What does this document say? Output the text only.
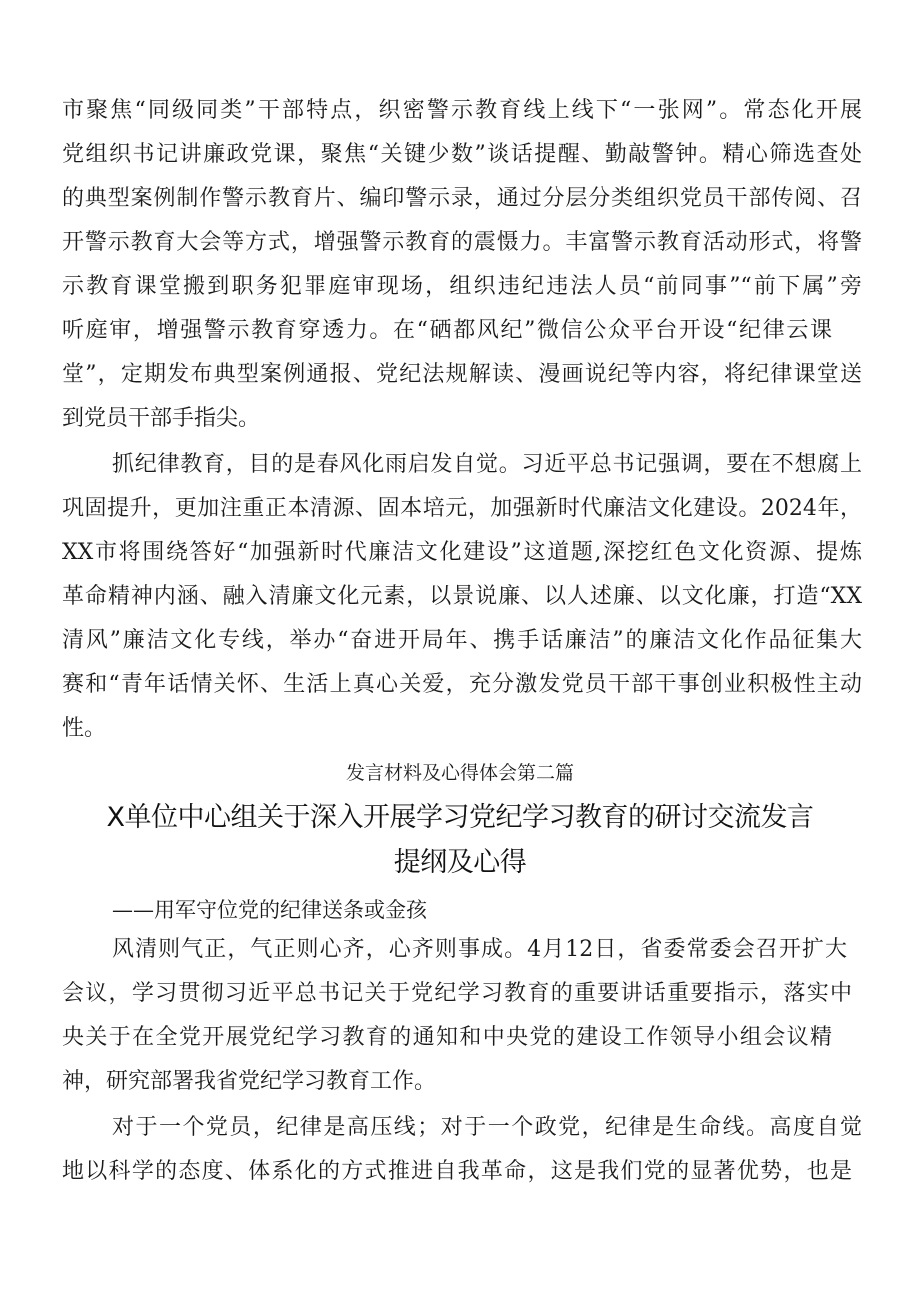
市聚焦“同级同类”干部特点，织密警示教育线上线下“一张网”。常态化开展
党组织书记讲廉政党课，聚焦“关键少数”谈话提醒、勤敲警钟。精心筛选查处
的典型案例制作警示教育片、编印警示录，通过分层分类组织党员干部传阅、召
开警示教育大会等方式，增强警示教育的震慑力。丰富警示教育活动形式，将警
示教育课堂搬到职务犯罪庭审现场，组织违纪违法人员“前同事”“前下属”旁
听庭审，增强警示教育穿透力。在“硒都风纪”微信公众平台开设“纪律云课
堂”，定期发布典型案例通报、党纪法规解读、漫画说纪等内容，将纪律课堂送
到党员干部手指尖。
抓纪律教育，目的是春风化雨启发自觉。习近平总书记强调，要在不想腐上
巩固提升，更加注重正本清源、固本培元，加强新时代廉洁文化建设。2024年，
XX市将围绕答好“加强新时代廉洁文化建设”这道题,深挖红色文化资源、提炼
革命精神内涵、融入清廉文化元素，以景说廉、以人述廉、以文化廉，打造“XX
清风”廉洁文化专线，举办“奋进开局年、携手话廉洁”的廉洁文化作品征集大
赛和“青年话情关怀、生活上真心关爱，充分激发党员干部干事创业积极性主动
性。
发言材料及心得体会第二篇
X单位中心组关于深入开展学习党纪学习教育的研讨交流发言
提纲及心得
——用军守位党的纪律送条或金孩
风清则气正，气正则心齐，心齐则事成。4月12日，省委常委会召开扩大
会议，学习贯彻习近平总书记关于党纪学习教育的重要讲话重要指示，落实中
央关于在全党开展党纪学习教育的通知和中央党的建设工作领导小组会议精
神，研究部署我省党纪学习教育工作。
对于一个党员，纪律是高压线；对于一个政党，纪律是生命线。高度自觉
地以科学的态度、体系化的方式推进自我革命，这是我们党的显著优势，也是
